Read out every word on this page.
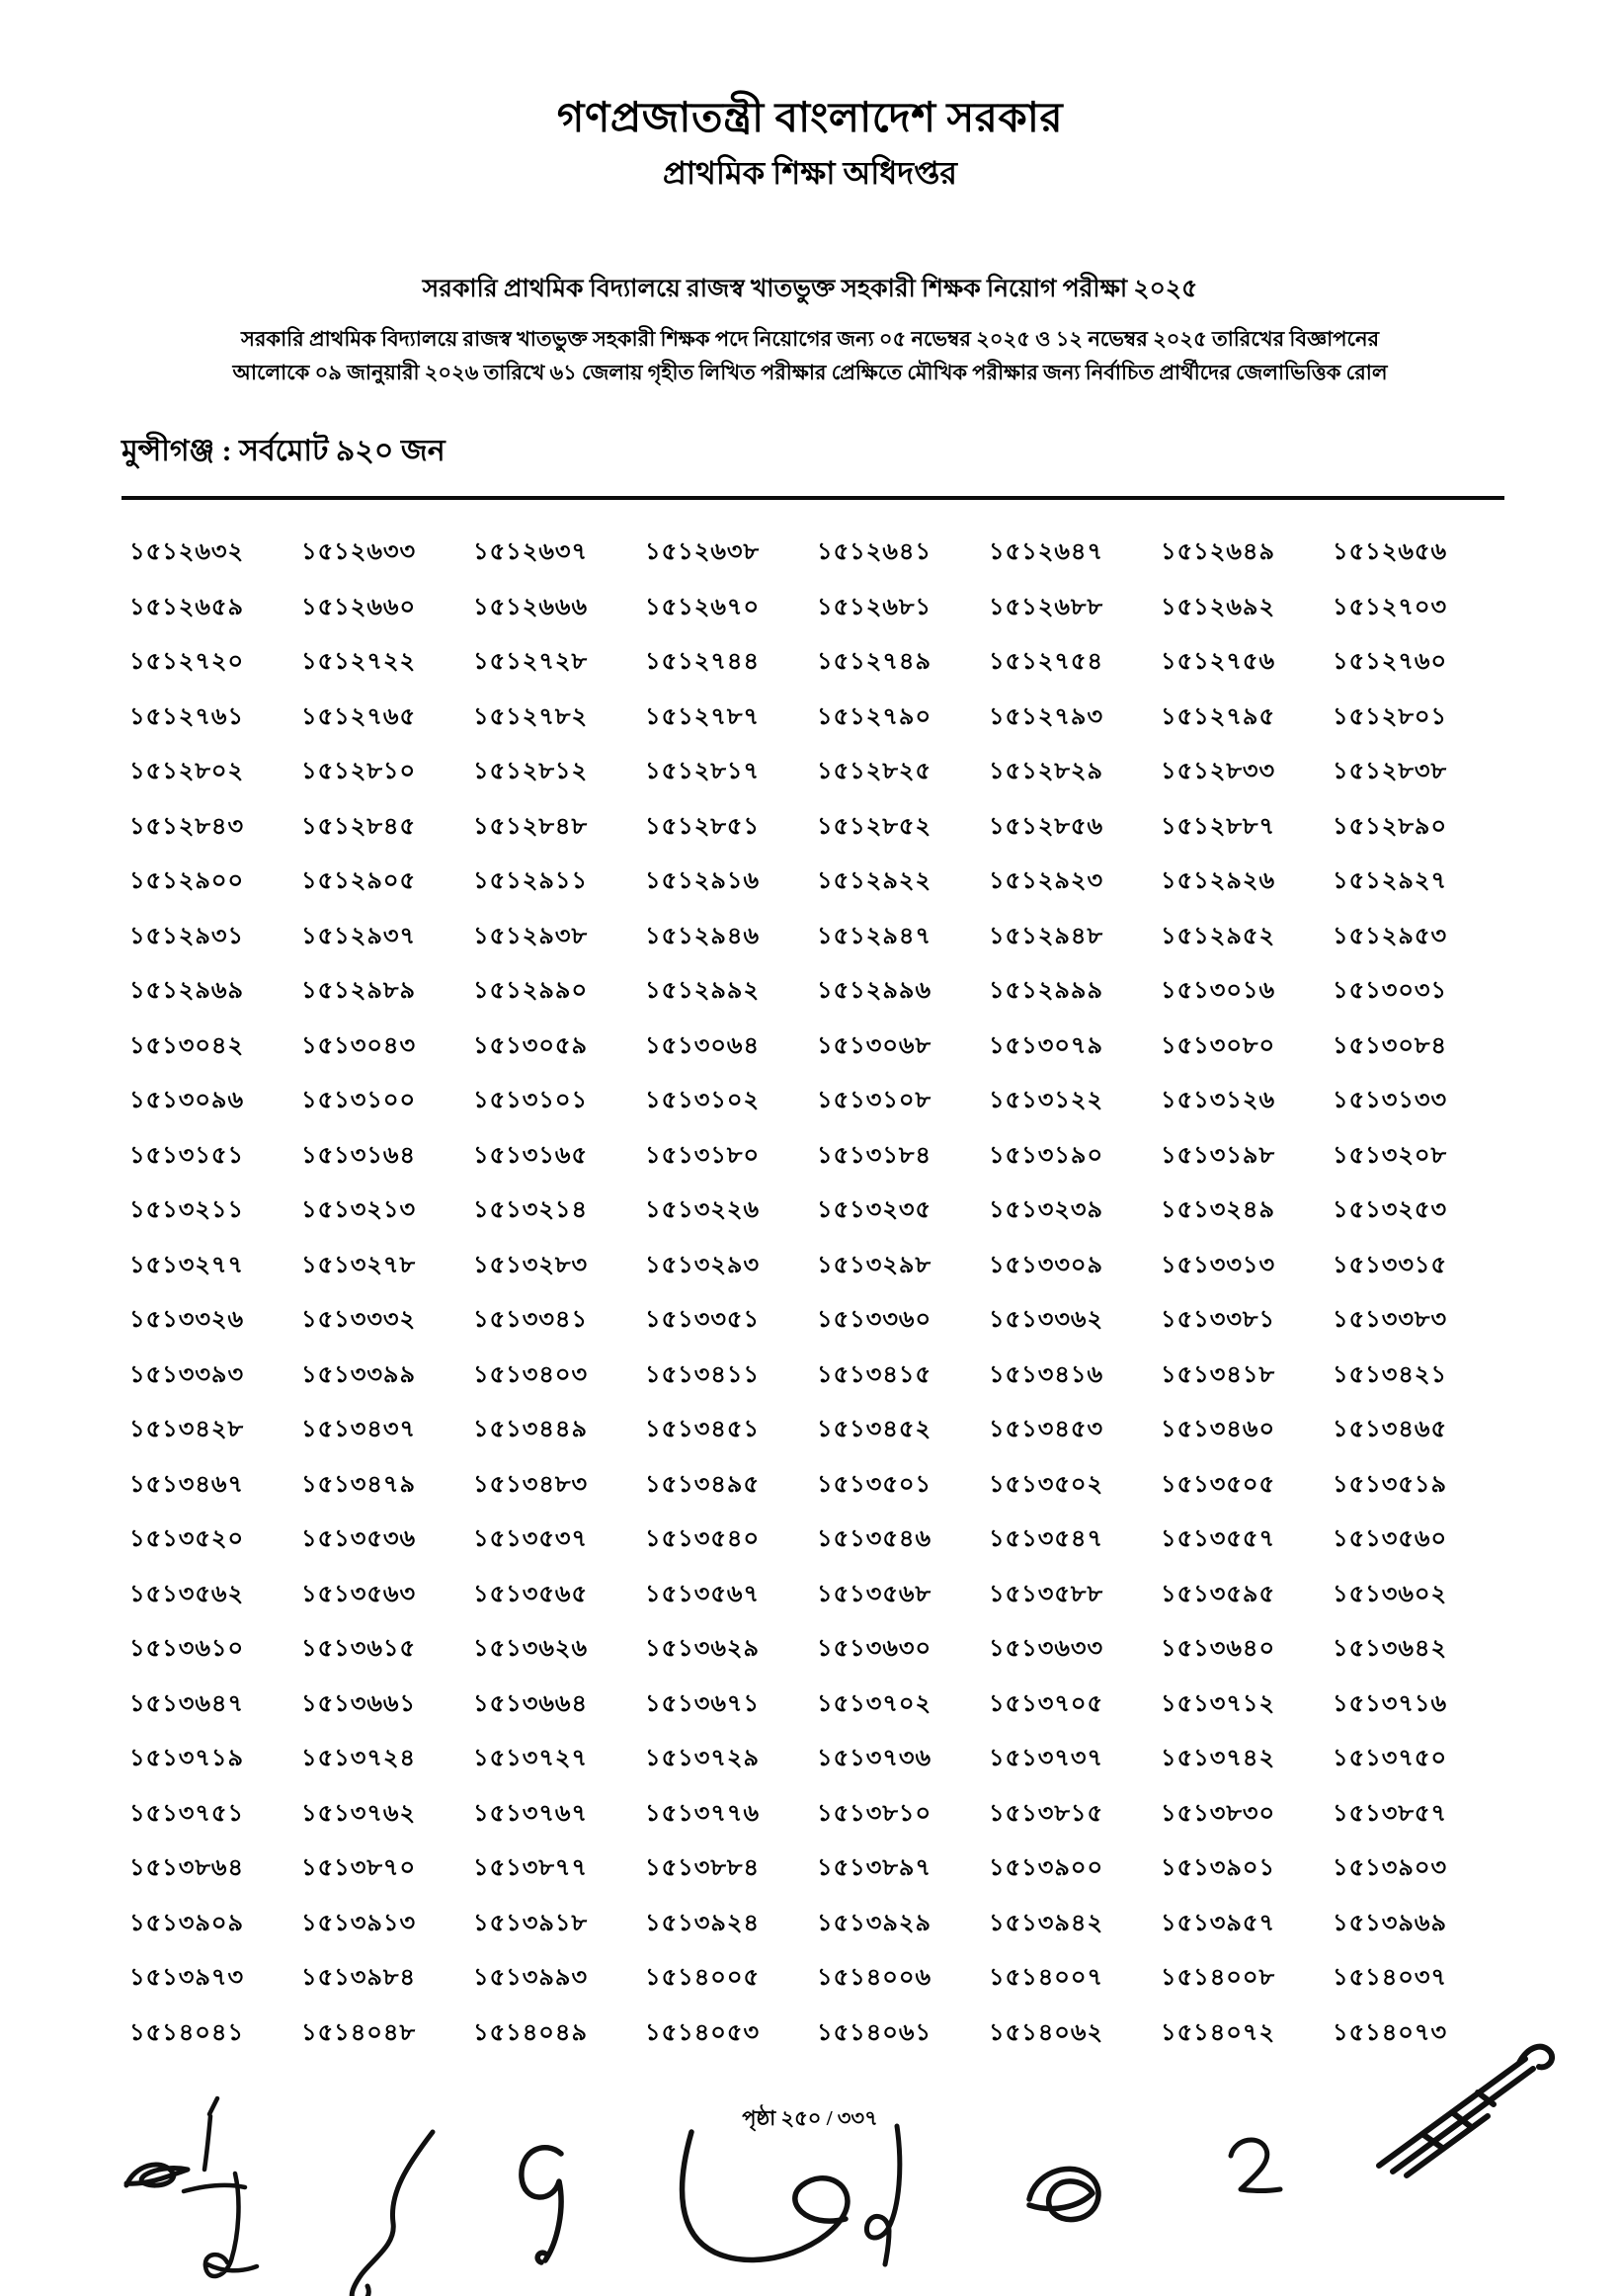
গণপ্রজাতন্ত্রী বাংলাদেশ সরকার
প্রাথমিক শিক্ষা অধিদপ্তর
সরকারি প্রাথমিক বিদ্যালয়ে রাজস্ব খাতভুক্ত সহকারী শিক্ষক নিয়োগ পরীক্ষা ২০২৫
সরকারি প্রাথমিক বিদ্যালয়ে রাজস্ব খাতভুক্ত সহকারী শিক্ষক পদে নিয়োগের জন্য ০৫ নভেম্বর ২০২৫ ও ১২ নভেম্বর ২০২৫ তারিখের বিজ্ঞাপনের
আলোকে ০৯ জানুয়ারী ২০২৬ তারিখে ৬১ জেলায় গৃহীত লিখিত পরীক্ষার প্রেক্ষিতে মৌখিক পরীক্ষার জন্য নির্বাচিত প্রার্থীদের জেলাভিত্তিক রোল
মুন্সীগঞ্জ : সর্বমোট ৯২০ জন
১৫১২৬৩২	১৫১২৬৩৩	১৫১২৬৩৭	১৫১২৬৩৮	১৫১২৬৪১	১৫১২৬৪৭	১৫১২৬৪৯	১৫১২৬৫৬
১৫১২৬৫৯	১৫১২৬৬০	১৫১২৬৬৬	১৫১২৬৭০	১৫১২৬৮১	১৫১২৬৮৮	১৫১২৬৯২	১৫১২৭০৩
১৫১২৭২০	১৫১২৭২২	১৫১২৭২৮	১৫১২৭৪৪	১৫১২৭৪৯	১৫১২৭৫৪	১৫১২৭৫৬	১৫১২৭৬০
১৫১২৭৬১	১৫১২৭৬৫	১৫১২৭৮২	১৫১২৭৮৭	১৫১২৭৯০	১৫১২৭৯৩	১৫১২৭৯৫	১৫১২৮০১
১৫১২৮০২	১৫১২৮১০	১৫১২৮১২	১৫১২৮১৭	১৫১২৮২৫	১৫১২৮২৯	১৫১২৮৩৩	১৫১২৮৩৮
১৫১২৮৪৩	১৫১২৮৪৫	১৫১২৮৪৮	১৫১২৮৫১	১৫১২৮৫২	১৫১২৮৫৬	১৫১২৮৮৭	১৫১২৮৯০
১৫১২৯০০	১৫১২৯০৫	১৫১২৯১১	১৫১২৯১৬	১৫১২৯২২	১৫১২৯২৩	১৫১২৯২৬	১৫১২৯২৭
১৫১২৯৩১	১৫১২৯৩৭	১৫১২৯৩৮	১৫১২৯৪৬	১৫১২৯৪৭	১৫১২৯৪৮	১৫১২৯৫২	১৫১২৯৫৩
১৫১২৯৬৯	১৫১২৯৮৯	১৫১২৯৯০	১৫১২৯৯২	১৫১২৯৯৬	১৫১২৯৯৯	১৫১৩০১৬	১৫১৩০৩১
১৫১৩০৪২	১৫১৩০৪৩	১৫১৩০৫৯	১৫১৩০৬৪	১৫১৩০৬৮	১৫১৩০৭৯	১৫১৩০৮০	১৫১৩০৮৪
১৫১৩০৯৬	১৫১৩১০০	১৫১৩১০১	১৫১৩১০২	১৫১৩১০৮	১৫১৩১২২	১৫১৩১২৬	১৫১৩১৩৩
১৫১৩১৫১	১৫১৩১৬৪	১৫১৩১৬৫	১৫১৩১৮০	১৫১৩১৮৪	১৫১৩১৯০	১৫১৩১৯৮	১৫১৩২০৮
১৫১৩২১১	১৫১৩২১৩	১৫১৩২১৪	১৫১৩২২৬	১৫১৩২৩৫	১৫১৩২৩৯	১৫১৩২৪৯	১৫১৩২৫৩
১৫১৩২৭৭	১৫১৩২৭৮	১৫১৩২৮৩	১৫১৩২৯৩	১৫১৩২৯৮	১৫১৩৩০৯	১৫১৩৩১৩	১৫১৩৩১৫
১৫১৩৩২৬	১৫১৩৩৩২	১৫১৩৩৪১	১৫১৩৩৫১	১৫১৩৩৬০	১৫১৩৩৬২	১৫১৩৩৮১	১৫১৩৩৮৩
১৫১৩৩৯৩	১৫১৩৩৯৯	১৫১৩৪০৩	১৫১৩৪১১	১৫১৩৪১৫	১৫১৩৪১৬	১৫১৩৪১৮	১৫১৩৪২১
১৫১৩৪২৮	১৫১৩৪৩৭	১৫১৩৪৪৯	১৫১৩৪৫১	১৫১৩৪৫২	১৫১৩৪৫৩	১৫১৩৪৬০	১৫১৩৪৬৫
১৫১৩৪৬৭	১৫১৩৪৭৯	১৫১৩৪৮৩	১৫১৩৪৯৫	১৫১৩৫০১	১৫১৩৫০২	১৫১৩৫০৫	১৫১৩৫১৯
১৫১৩৫২০	১৫১৩৫৩৬	১৫১৩৫৩৭	১৫১৩৫৪০	১৫১৩৫৪৬	১৫১৩৫৪৭	১৫১৩৫৫৭	১৫১৩৫৬০
১৫১৩৫৬২	১৫১৩৫৬৩	১৫১৩৫৬৫	১৫১৩৫৬৭	১৫১৩৫৬৮	১৫১৩৫৮৮	১৫১৩৫৯৫	১৫১৩৬০২
১৫১৩৬১০	১৫১৩৬১৫	১৫১৩৬২৬	১৫১৩৬২৯	১৫১৩৬৩০	১৫১৩৬৩৩	১৫১৩৬৪০	১৫১৩৬৪২
১৫১৩৬৪৭	১৫১৩৬৬১	১৫১৩৬৬৪	১৫১৩৬৭১	১৫১৩৭০২	১৫১৩৭০৫	১৫১৩৭১২	১৫১৩৭১৬
১৫১৩৭১৯	১৫১৩৭২৪	১৫১৩৭২৭	১৫১৩৭২৯	১৫১৩৭৩৬	১৫১৩৭৩৭	১৫১৩৭৪২	১৫১৩৭৫০
১৫১৩৭৫১	১৫১৩৭৬২	১৫১৩৭৬৭	১৫১৩৭৭৬	১৫১৩৮১০	১৫১৩৮১৫	১৫১৩৮৩০	১৫১৩৮৫৭
১৫১৩৮৬৪	১৫১৩৮৭০	১৫১৩৮৭৭	১৫১৩৮৮৪	১৫১৩৮৯৭	১৫১৩৯০০	১৫১৩৯০১	১৫১৩৯০৩
১৫১৩৯০৯	১৫১৩৯১৩	১৫১৩৯১৮	১৫১৩৯২৪	১৫১৩৯২৯	১৫১৩৯৪২	১৫১৩৯৫৭	১৫১৩৯৬৯
১৫১৩৯৭৩	১৫১৩৯৮৪	১৫১৩৯৯৩	১৫১৪০০৫	১৫১৪০০৬	১৫১৪০০৭	১৫১৪০০৮	১৫১৪০৩৭
১৫১৪০৪১	১৫১৪০৪৮	১৫১৪০৪৯	১৫১৪০৫৩	১৫১৪০৬১	১৫১৪০৬২	১৫১৪০৭২	১৫১৪০৭৩
পৃষ্ঠা ২৫০ / ৩৩৭
